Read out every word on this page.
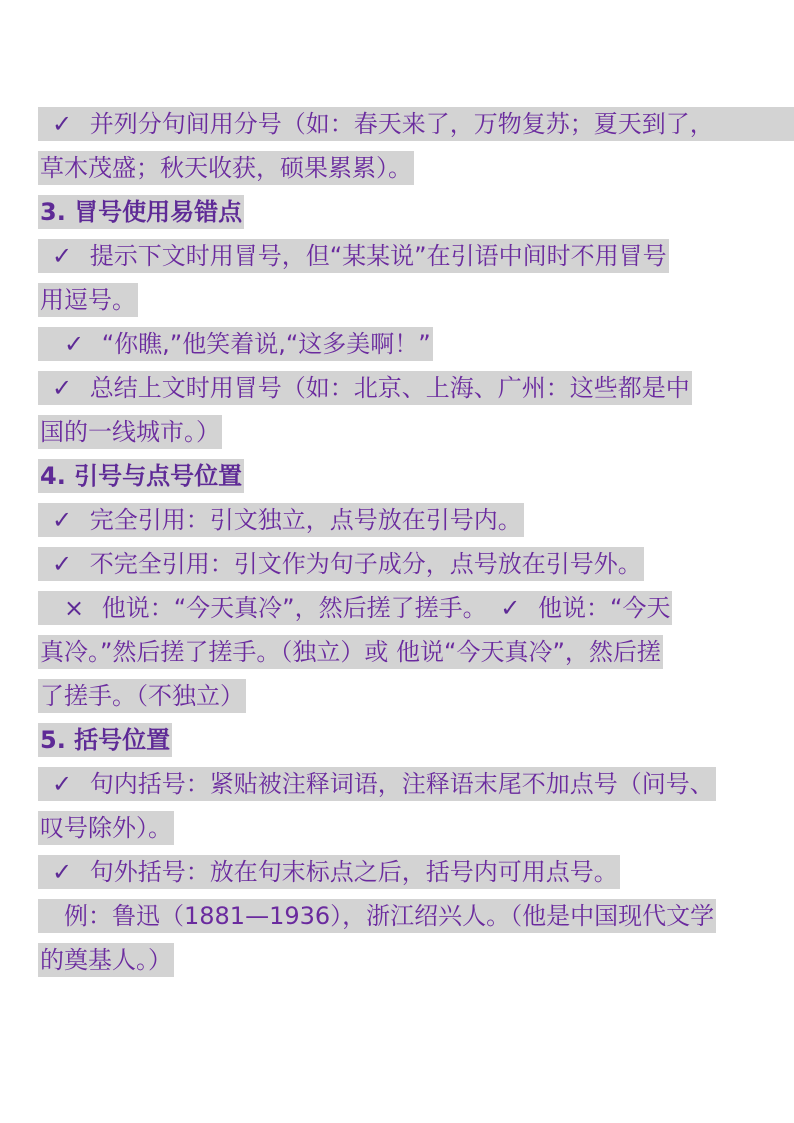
✓ 并列分句间用分号（如：春天来了，万物复苏；夏天到了，
草木茂盛；秋天收获，硕果累累）。
3. 冒号使用易错点
✓ 提示下文时用冒号，但“某某说”在引语中间时不用冒号
用逗号。
✓ “你瞧,”他笑着说,“这多美啊！”
✓ 总结上文时用冒号（如：北京、上海、广州：这些都是中
国的一线城市。）
4. 引号与点号位置
✓ 完全引用：引文独立，点号放在引号内。
✓ 不完全引用：引文作为句子成分，点号放在引号外。
× 他说：“今天真冷”，然后搓了搓手。 ✓ 他说：“今天
真冷。”然后搓了搓手。（独立）或 他说“今天真冷”，然后搓
了搓手。（不独立）
5. 括号位置
✓ 句内括号：紧贴被注释词语，注释语末尾不加点号（问号、
叹号除外）。
✓ 句外括号：放在句末标点之后，括号内可用点号。
例：鲁迅（1881—1936），浙江绍兴人。（他是中国现代文学
的奠基人。）
